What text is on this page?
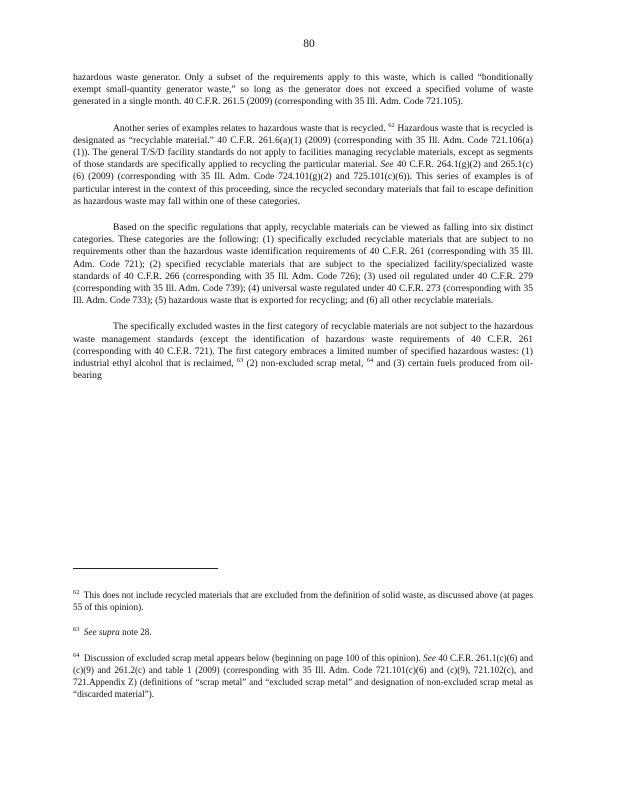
80

hazardous waste generator. Only a subset of the requirements apply to this waste, which is called “bonditionally exempt small-quantity generator waste,” so long as the generator does not exceed a specified volume of waste generated in a single month. 40 C.F.R. 261.5 (2009) (corresponding with 35 Ill. Adm. Code 721.105).

Another series of examples relates to hazardous waste that is recycled. $^{62}$ Hazardous waste that is recycled is designated as “recyclable material.” 40 C.F.R. 261.6(a)(1) (2009) (corresponding with 35 Ill. Adm. Code 721.106(a)(1)). The general T/S/D facility standards do not apply to facilities managing recyclable materials, except as segments of those standards are specifically applied to recycling the particular material. See 40 C.F.R. 264.1(g)(2) and 265.1(c)(6) (2009) (corresponding with 35 Ill. Adm. Code 724.101(g)(2) and 725.101(c)(6)). This series of examples is of particular interest in the context of this proceeding, since the recycled secondary materials that fail to escape definition as hazardous waste may fall within one of these categories.

Based on the specific regulations that apply, recyclable materials can be viewed as falling into six distinct categories. These categories are the following: (1) specifically excluded recyclable materials that are subject to no requirements other than the hazardous waste identification requirements of 40 C.F.R. 261 (corresponding with 35 Ill. Adm. Code 721); (2) specified recyclable materials that are subject to the specialized facility/specialized waste standards of 40 C.F.R. 266 (corresponding with 35 Ill. Adm. Code 726); (3) used oil regulated under 40 C.F.R. 279 (corresponding with 35 Ill. Adm. Code 739); (4) universal waste regulated under 40 C.F.R. 273 (corresponding with 35 Ill. Adm. Code 733); (5) hazardous waste that is exported for recycling; and (6) all other recyclable materials.

The specifically excluded wastes in the first category of recyclable materials are not subject to the hazardous waste management standards (except the identification of hazardous waste requirements of 40 C.F.R. 261 (corresponding with 40 C.F.R. 721). The first category embraces a limited number of specified hazardous wastes: (1) industrial ethyl alcohol that is reclaimed, $^{63}$ (2) non-excluded scrap metal, $^{64}$ and (3) certain fuels produced from oil-bearing

$^{62}$ This does not include recycled materials that are excluded from the definition of solid waste, as discussed above (at pages 55 of this opinion).

$^{63}$ See supra note 28.

$^{64}$ Discussion of excluded scrap metal appears below (beginning on page 100 of this opinion). See 40 C.F.R. 261.1(c)(6) and (c)(9) and 261.2(c) and table 1 (2009) (corresponding with 35 Ill. Adm. Code 721.101(c)(6) and (c)(9), 721.102(c), and 721.Appendix Z) (definitions of “scrap metal” and “excluded scrap metal” and designation of non-excluded scrap metal as “discarded material”).
